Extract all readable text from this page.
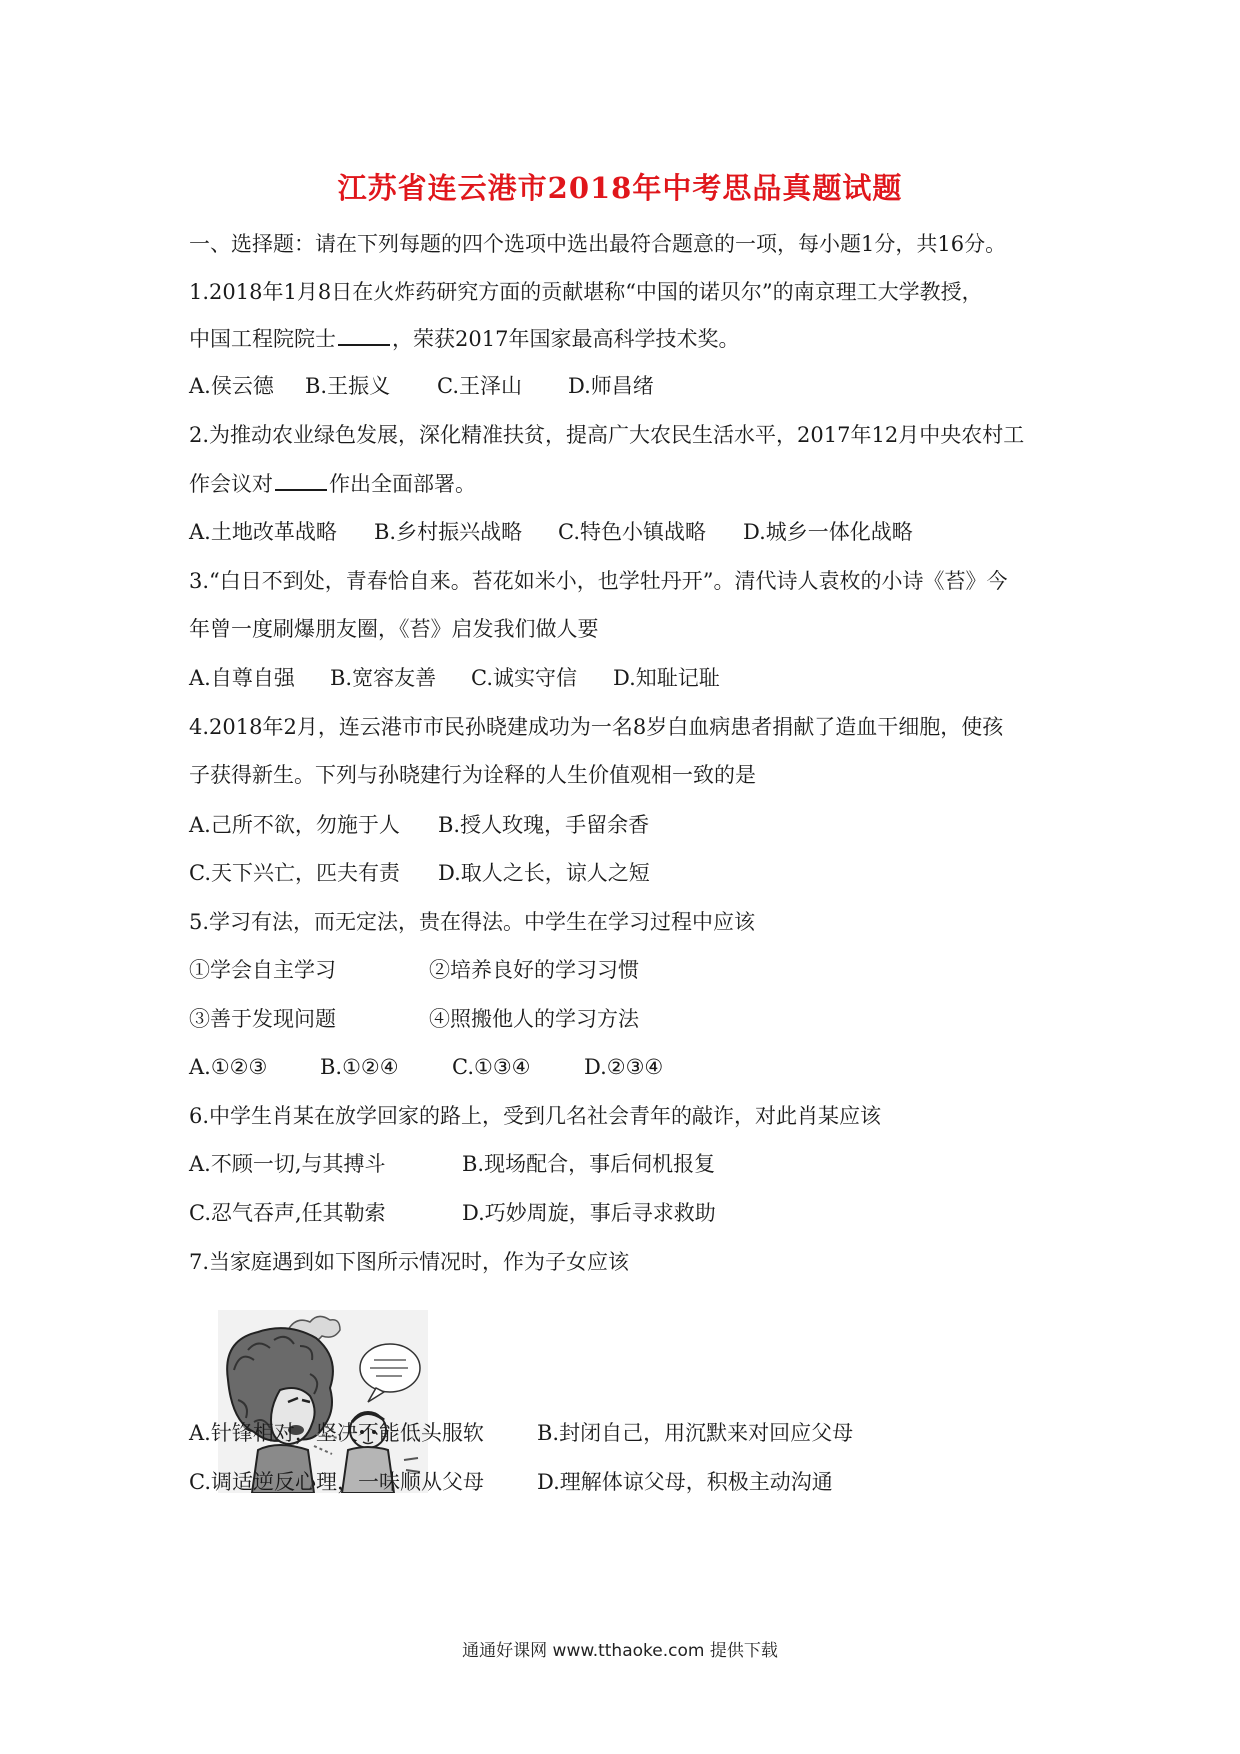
江苏省连云港市2018年中考思品真题试题
一、选择题：请在下列每题的四个选项中选出最符合题意的一项，每小题1分，共16分。
1.2018年1月8日在火炸药研究方面的贡献堪称“中国的诺贝尔”的南京理工大学教授，
中国工程院院士	，荣获2017年国家最高科学技术奖。
A.侯云德 B.王振义 C.王泽山 D.师昌绪
2.为推动农业绿色发展，深化精准扶贫，提高广大农民生活水平，2017年12月中央农村工
作会议对	作出全面部署。
A.土地改革战略 B.乡村振兴战略 C.特色小镇战略 D.城乡一体化战略
3.“白日不到处，青春恰自来。苔花如米小，也学牡丹开”。清代诗人袁枚的小诗《苔》今
年曾一度刷爆朋友圈，《苔》启发我们做人要
A.自尊自强 B.宽容友善 C.诚实守信 D.知耻记耻
4.2018年2月，连云港市市民孙晓建成功为一名8岁白血病患者捐献了造血干细胞，使孩
子获得新生。下列与孙晓建行为诠释的人生价值观相一致的是
A.己所不欲，勿施于人 B.授人玫瑰，手留余香
C.天下兴亡，匹夫有责 D.取人之长，谅人之短
5.学习有法，而无定法，贵在得法。中学生在学习过程中应该
①学会自主学习	②培养良好的学习习惯
③善于发现问题	④照搬他人的学习方法
A.①②③	B.①②④	C.①③④	D.②③④
6.中学生肖某在放学回家的路上，受到几名社会青年的敲诈，对此肖某应该
A.不顾一切,与其搏斗	B.现场配合，事后伺机报复
C.忍气吞声,任其勒索	D.巧妙周旋，事后寻求救助
7.当家庭遇到如下图所示情况时，作为子女应该
A.针锋相对，坚决不能低头服软	B.封闭自己，用沉默来对回应父母
C.调适逆反心理，一味顺从父母	D.理解体谅父母，积极主动沟通
通通好课网 www.tthaoke.com 提供下载
